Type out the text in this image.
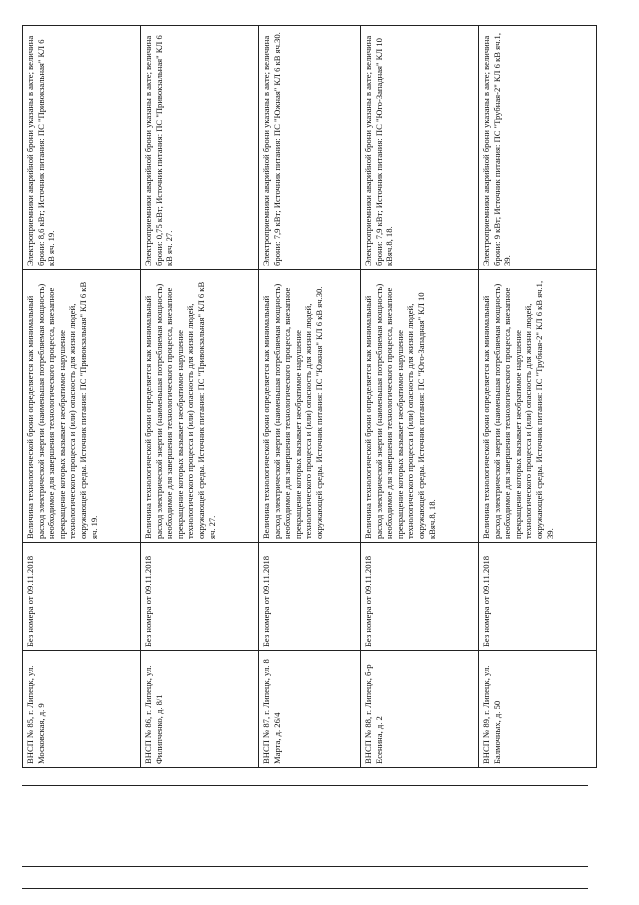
ВНСП № 85, г. Липецк, ул. Московская, д. 9	Без номера от 09.11.2018	Величина технологической брони определяется как минимальный расход электрической энергии (наименьшая потребляемая мощность) необходимое для завершения технологического процесса, внезапное прекращение которых вызывает необратимое нарушение технологического процесса и (или) опасность для жизни людей, окружающей среды. Источник питания: ПС "Привокзальная" КЛ 6 кВ яч. 19.	Электроприемники аварийной брони указаны в акте; величина брони: 8,6 кВт; Источник питания: ПС "Привокзальная" КЛ 6 кВ яч. 19.
ВНСП № 86, г. Липецк, ул. Филипченко, д. 8/1	Без номера от 09.11.2018	Величина технологической брони определяется как минимальный расход электрической энергии (наименьшая потребляемая мощность) необходимое для завершения технологического процесса, внезапное прекращение которых вызывает необратимое нарушение технологического процесса и (или) опасность для жизни людей, окружающей среды. Источник питания: ПС "Привокзальная" КЛ 6 кВ яч. 27.	Электроприемники аварийной брони указаны в акте; величина брони: 0,75 кВт; Источник питания: ПС "Привокзальная" КЛ 6 кВ яч. 27.
ВНСП № 87, г. Липецк, ул. 8 Марта, д. 26/4	Без номера от 09.11.2018	Величина технологической брони определяется как минимальный расход электрической энергии (наименьшая потребляемая мощность) необходимое для завершения технологического процесса, внезапное прекращение которых вызывает необратимое нарушение технологического процесса и (или) опасность для жизни людей, окружающей среды. Источник питания: ПС "Южная" КЛ 6 кВ яч.30.	Электроприемники аварийной брони указаны в акте; величина брони: 7,9 кВт; Источник питания: ПС "Южная" КЛ 6 кВ яч.30.
ВНСП № 88, г. Липецк, б-р Есенина, д. 2	Без номера от 09.11.2018	Величина технологической брони определяется как минимальный расход электрической энергии (наименьшая потребляемая мощность) необходимое для завершения технологического процесса, внезапное прекращение которых вызывает необратимое нарушение технологического процесса и (или) опасность для жизни людей, окружающей среды. Источник питания: ПС "Юго-Западная" КЛ 10 кВяч.8, 18.	Электроприемники аварийной брони указаны в акте; величина брони: 7,9 кВт; Источник питания: ПС "Юго-Западная" КЛ 10 кВяч.8, 18.
ВНСП № 89, г. Липецк, ул. Балмочных, д. 50	Без номера от 09.11.2018	Величина технологической брони определяется как минимальный расход электрической энергии (наименьшая потребляемая мощность) необходимое для завершения технологического процесса, внезапное прекращение которых вызывает необратимое нарушение технологического процесса и (или) опасность для жизни людей, окружающей среды. Источник питания: ПС "Трубная-2" КЛ 6 кВ яч.1, 39.	Электроприемники аварийной брони указаны в акте; величина брони: 9 кВт; Источник питания: ПС "Трубная-2" КЛ 6 кВ яч.1, 39.
